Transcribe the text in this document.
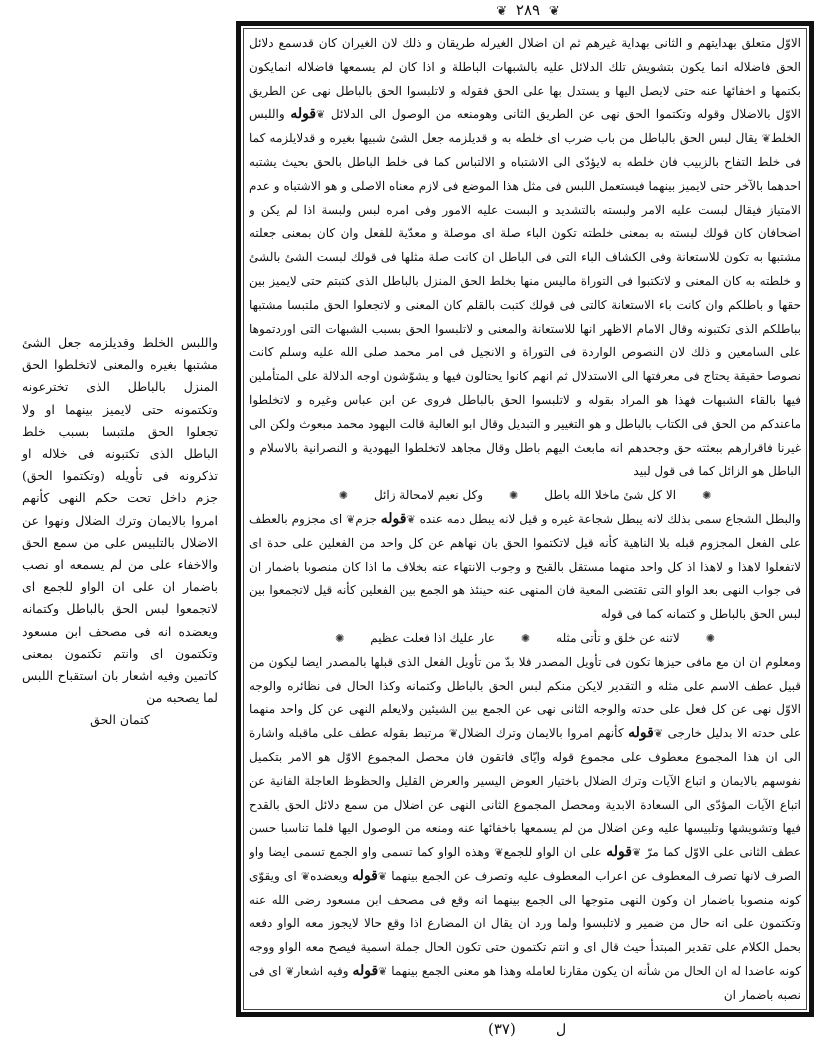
❦ ٢٨٩ ❦

الاوّل متعلق بهدايتهم و الثانى بهداية غيرهم ثم ان اضلال الغيرله طريقان و ذلك لان الغيران كان قدسمع دلائل الحق فاضلاله انما يكون بتشويش تلك الدلائل عليه بالشبهات الباطلة و اذا كان لم يسمعها فاضلاله انمايكون بكتمها و اخفائها عنه حتى لايصل اليها و يستدل بها على الحق فقوله و لاتلبسوا الحق بالباطل نهى عن الطريق الاوّل بالاضلال وقوله وتكتموا الحق نهى عن الطريق الثانى وهومنعه من الوصول الى الدلائل ❦قوله واللبس الخلط❦ يقال لبس الحق بالباطل من باب ضرب اى خلطه به و قديلزمه جعل الشئ شبيها بغيره و قدلايلزمه كما فى خلط التفاح بالزبيب فان خلطه به لايؤدّى الى الاشتباه و الالتباس كما فى خلط الباطل بالحق بحيث يشتبه احدهما بالآخر حتى لايميز بينهما فيستعمل اللبس فى مثل هذا الموضع فى لازم معناه الاصلى و هو الاشتباه و عدم الامتياز فيقال لبست عليه الامر ولبسته بالتشديد و البست عليه الامور وفى امره لبس ولبسة اذا لم يكن و اضحافان كان قولك لبسته به بمعنى خلطته تكون الباء صلة اى موصلة و معدّية للفعل وان كان بمعنى جعلته مشتبها به تكون للاستعانة وفى الكشاف الباء التى فى الباطل ان كانت صلة مثلها فى قولك لبست الشئ بالشئ و خلطته به كان المعنى و لاتكتبوا فى التوراة ماليس منها بخلط الحق المنزل بالباطل الذى كتبتم حتى لايميز بين حقها و باطلكم وان كانت باء الاستعانة كالتى فى قولك كتبت بالقلم كان المعنى و لاتجعلوا الحق ملتبسا مشتبها بباطلكم الذى تكتبونه وقال الامام الاظهر انها للاستعانة والمعنى و لاتلبسوا الحق بسبب الشبهات التى اوردتموها على السامعين و ذلك لان النصوص الواردة فى التوراة و الانجيل فى امر محمد صلى الله عليه وسلم كانت نصوصا حقيقة يحتاج فى معرفتها الى الاستدلال ثم انهم كانوا يحتالون فيها و يشوّشون اوجه الدلالة على المتأملين فيها بالقاء الشبهات فهذا هو المراد بقوله و لاتلبسوا الحق بالباطل فروى عن ابن عباس وغيره و لاتخلطوا ماعندكم من الحق فى الكتاب بالباطل و هو التغيير و التبديل وقال ابو العالية قالت اليهود محمد مبعوث ولكن الى غيرنا فاقرارهم ببعثته حق وجحدهم انه مابعث اليهم باطل وقال مجاهد لاتخلطوا اليهودية و النصرانية بالاسلام و الباطل هو الزائل كما فى قول لبيد

✺
الا كل شئ ماخلا الله باطل
✺
وكل نعيم لامحالة زائل
✺

والبطل الشجاع سمى بذلك لانه يبطل شجاعة غيره و قيل لانه يبطل دمه عنده ❦قوله جزم❦ اى مجزوم بالعطف على الفعل المجزوم قبله بلا الناهية كأنه قيل لاتكتموا الحق بان نهاهم عن كل واحد من الفعلين على حدة اى لاتفعلوا لاهذا و لاهذا اذ كل واحد منهما مستقل بالقبح و وجوب الانتهاء عنه بخلاف ما اذا كان منصوبا باضمار ان فى جواب النهى بعد الواو التى تقتضى المعية فان المنهى عنه حينئذ هو الجمع بين الفعلين كأنه قيل لاتجمعوا بين لبس الحق بالباطل و كتمانه كما فى قوله

✺
لاتنه عن خلق و تأتى مثله
✺
عار عليك اذا فعلت عظيم
✺

ومعلوم ان ان مع مافى حيزها تكون فى تأويل المصدر فلا بدّ من تأويل الفعل الذى قبلها بالمصدر ايضا ليكون من قبيل عطف الاسم على مثله و التقدير لايكن منكم لبس الحق بالباطل وكتمانه وكذا الحال فى نظائره والوجه الاوّل نهى عن كل فعل على حدته والوجه الثانى نهى عن الجمع بين الشيئين ولايعلم النهى عن كل واحد منهما على حدته الا بدليل خارجى ❦قوله كأنهم امروا بالايمان وترك الضلال❦ مرتبط بقوله عطف على ماقبله واشارة الى ان هذا المجموع معطوف على مجموع قوله وايّاى فاتقون فان محصل المجموع الاوّل هو الامر بتكميل نفوسهم بالايمان و اتباع الآيات وترك الضلال باختيار العوض اليسير والعرض القليل والحظوظ العاجلة الفانية عن اتباع الآيات المؤدّى الى السعادة الابدية ومحصل المجموع الثانى النهى عن اضلال من سمع دلائل الحق بالقدح فيها وتشويشها وتلبيسها عليه وعن اضلال من لم يسمعها باخفائها عنه ومنعه من الوصول اليها فلما تناسبا حسن عطف الثانى على الاوّل كما مرّ ❦قوله على ان الواو للجمع❦ وهذه الواو كما تسمى واو الجمع تسمى ايضا واو الصرف لانها تصرف المعطوف عن اعراب المعطوف عليه وتصرف عن الجمع بينهما ❦قوله ويعضده❦ اى ويقوّى كونه منصوبا باضمار ان وكون النهى متوجها الى الجمع بينهما انه وقع فى مصحف ابن مسعود رضى الله عنه وتكتمون على انه حال من ضمير و لاتلبسوا ولما ورد ان يقال ان المضارع اذا وقع حالا لايجوز معه الواو دفعه بحمل الكلام على تقدير المبتدأ حيث قال اى و انتم تكتمون حتى تكون الحال جملة اسمية فيصح معه الواو ووجه كونه عاضدا له ان الحال من شأنه ان يكون مقارنا لعامله وهذا هو معنى الجمع بينهما ❦قوله وفيه اشعار❦ اى فى نصبه باضمار ان

واللبس الخلط وقديلزمه جعل الشئ مشتبها بغيره والمعنى لاتخلطوا الحق المنزل بالباطل الذى تخترعونه وتكتمونه حتى لايميز بينهما او ولا تجعلوا الحق ملتبسا بسبب خلط الباطل الذى تكتبونه فى خلاله او تذكرونه فى تأويله (وتكتموا الحق) جزم داخل تحت حكم النهى كأنهم امروا بالايمان وترك الضلال ونهوا عن الاضلال بالتلبيس على من سمع الحق والاخفاء على من لم يسمعه او نصب باضمار ان على ان الواو للجمع اى لاتجمعوا لبس الحق بالباطل وكتمانه ويعضده انه فى مصحف ابن مسعود وتكتمون اى وانتم تكتمون بمعنى كاتمين وفيه اشعار بان استقباح اللبس لما يصحبه من
كتمان الحق
(٣٧)	ل
